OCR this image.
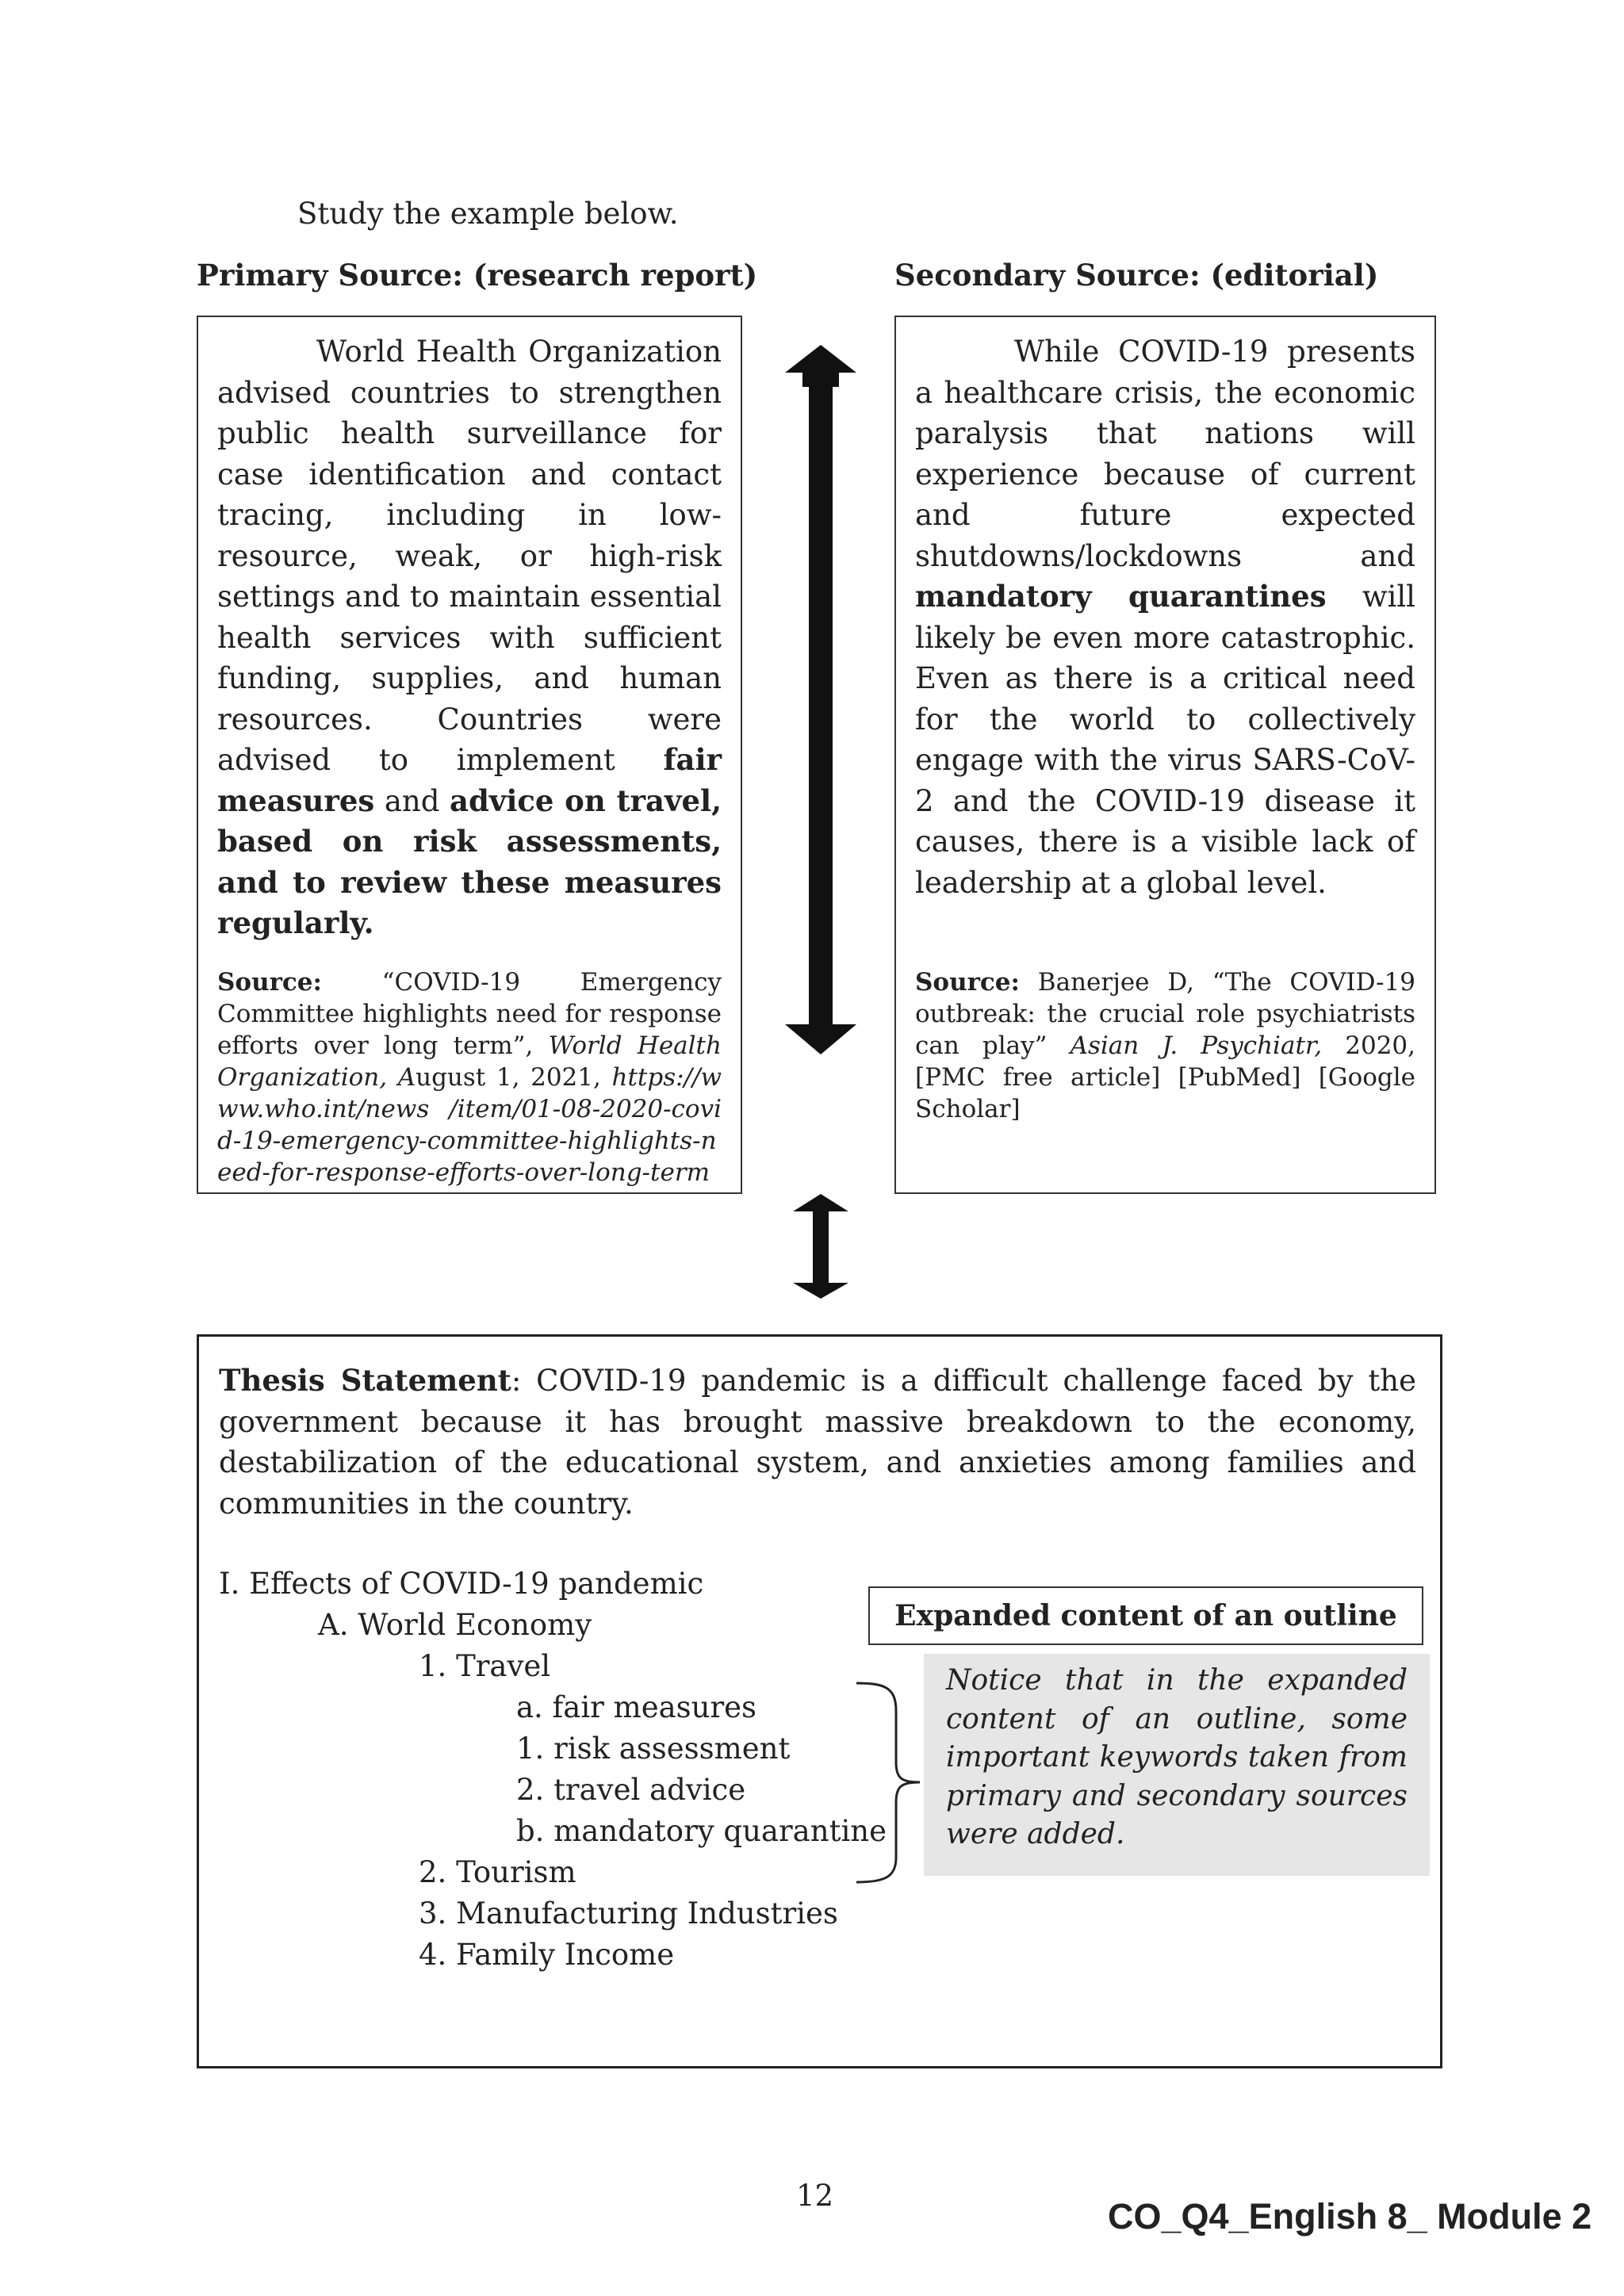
Study the example below.
Primary Source: (research report)	Secondary Source: (editorial)
World Health Organization advised countries to strengthen public health surveillance for case identification and contact tracing, including in low-resource, weak, or high-risk settings and to maintain essential health services with sufficient funding, supplies, and human resources. Countries were advised to implement fair measures and advice on travel, based on risk assessments, and to review these measures regularly.
Source: “COVID-19 Emergency Committee highlights need for response efforts over long term”, World Health Organization, August 1, 2021, https://www.who.int/news /item/01-08-2020-covid-19-emergency-committee-highlights-need-for-response-efforts-over-long-term
While COVID-19 presents a healthcare crisis, the economic paralysis that nations will experience because of current and future expected shutdowns/lockdowns and mandatory quarantines will likely be even more catastrophic. Even as there is a critical need for the world to collectively engage with the virus SARS-CoV-2 and the COVID-19 disease it causes, there is a visible lack of leadership at a global level.
Source: Banerjee D, “The COVID-19 outbreak: the crucial role psychiatrists can play” Asian J. Psychiatr, 2020, [PMC free article] [PubMed] [Google Scholar]
Thesis Statement: COVID-19 pandemic is a difficult challenge faced by the government because it has brought massive breakdown to the economy, destabilization of the educational system, and anxieties among families and communities in the country.
I. Effects of COVID-19 pandemic
A. World Economy
1. Travel
a. fair measures
1. risk assessment
2. travel advice
b. mandatory quarantine
2. Tourism
3. Manufacturing Industries
4. Family Income
Expanded content of an outline
Notice that in the expanded content of an outline, some important keywords taken from primary and secondary sources were added.
12
CO_Q4_English 8_ Module 2
